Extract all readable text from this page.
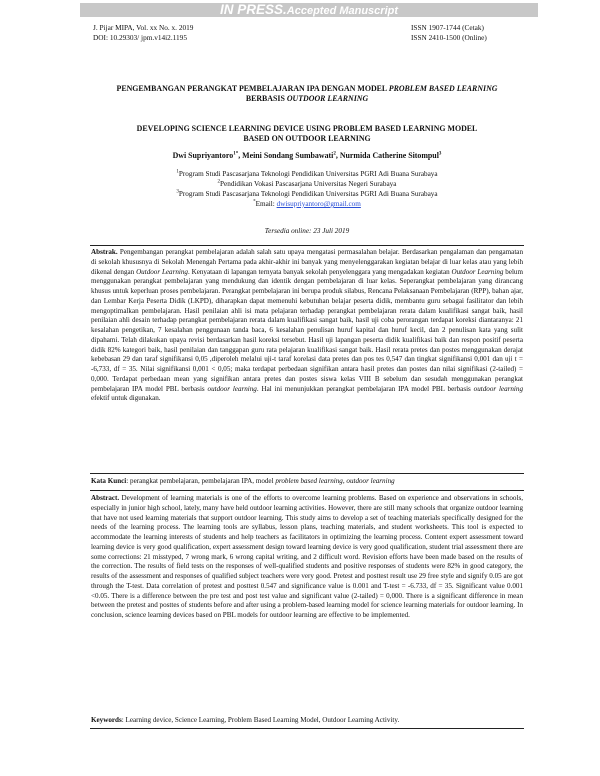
IN PRESS.Accepted Manuscript
J. Pijar MIPA, Vol. xx No. x. 2019	ISSN 1907-1744 (Cetak)
DOI: 10.29303/ jpm.v14i2.1195	ISSN 2410-1500 (Online)
PENGEMBANGAN PERANGKAT PEMBELAJARAN IPA DENGAN MODEL PROBLEM BASED LEARNING
BERBASIS OUTDOOR LEARNING
DEVELOPING SCIENCE LEARNING DEVICE USING PROBLEM BASED LEARNING MODEL
BASED ON OUTDOOR LEARNING
Dwi Supriyantoro$^{1*}$, Meini Sondang Sumbawati$^2$, Nurmida Catherine Sitompul$^3$
$^1$Program Studi Pascasarjana Teknologi Pendidikan Universitas PGRI Adi Buana Surabaya
$^2$Pendidikan Vokasi Pascasarjana Universitas Negeri Surabaya
$^3$Program Studi Pascasarjana Teknologi Pendidikan Universitas PGRI Adi Buana Surabaya
*Email: dwisupriyantoro@gmail.com
Tersedia online: 23 Juli 2019
Abstrak. Pengembangan perangkat pembelajaran adalah salah satu upaya mengatasi permasalahan belajar. Berdasarkan pengalaman dan pengamatan di sekolah khususnya di Sekolah Menengah Pertama pada akhir-akhir ini banyak yang menyelenggarakan kegiatan belajar di luar kelas atau yang lebih dikenal dengan Outdoor Learning. Kenyataan di lapangan ternyata banyak sekolah penyelenggara yang mengadakan kegiatan Outdoor Learning belum menggunakan perangkat pembelajaran yang mendukung dan identik dengan pembelajaran di luar kelas. Seperangkat pembelajaran yang dirancang khusus untuk keperluan proses pembelajaran. Perangkat pembelajaran ini berupa produk silabus, Rencana Pelaksanaan Pembelajaran (RPP), bahan ajar, dan Lembar Kerja Peserta Didik (LKPD), diharapkan dapat memenuhi kebutuhan belajar peserta didik, membantu guru sebagai fasilitator dan lebih mengoptimalkan pembelajaran. Hasil penilaian ahli isi mata pelajaran terhadap perangkat pembelajaran rerata dalam kualifikasi sangat baik, hasil penilaian ahli desain terhadap perangkat pembelajaran rerata dalam kualifikasi sangat baik, hasil uji coba perorangan terdapat koreksi diantaranya: 21 kesalahan pengetikan, 7 kesalahan penggunaan tanda baca, 6 kesalahan penulisan huruf kapital dan huruf kecil, dan 2 penulisan kata yang sulit dipahami. Telah dilakukan upaya revisi berdasarkan hasil koreksi tersebut. Hasil uji lapangan peserta didik kualifikasi baik dan respon positif peserta didik 82% kategori baik, hasil penilaian dan tanggapan guru rata pelajaran kualifikasi sangat baik. Hasil rerata pretes dan postes menggunakan derajat kebebasan 29 dan taraf signifikansi 0,05 ,diperoleh melalui uji-t taraf korelasi data pretes dan pos tes 0,547 dan tingkat signifikansi 0,001 dan uji t = -6,733, df = 35. Nilai signifikansi 0,001 < 0,05; maka terdapat perbedaan signifikan antara hasil pretes dan postes dan nilai signifikasi (2-tailed) = 0,000. Terdapat perbedaan mean yang signifikan antara pretes dan postes siswa kelas VIII B sebelum dan sesudah menggunakan perangkat pembelajaran IPA model PBL berbasis outdoor learning. Hal ini menunjukkan perangkat pembelajaran IPA model PBL berbasis outdoor learning efektif untuk digunakan.
Kata Kunci: perangkat pembelajaran, pembelajaran IPA, model problem based learning, outdoor learning
Abstract. Development of learning materials is one of the efforts to overcome learning problems. Based on experience and observations in schools, especially in junior high school, lately, many have held outdoor learning activities. However, there are still many schools that organize outdoor learning that have not used learning materials that support outdoor learning. This study aims to develop a set of teaching materials specifically designed for the needs of the learning process. The learning tools are syllabus, lesson plans, teaching materials, and student worksheets. This tool is expected to accommodate the learning interests of students and help teachers as facilitators in optimizing the learning process. Content expert assessment toward learning device is very good qualification, expert assessment design toward learning device is very good qualification, student trial assessment there are some corrections: 21 misstyped, 7 wrong mark, 6 wrong capital writing, and 2 difficult word. Revision efforts have been made based on the results of the correction. The results of field tests on the responses of well-qualified students and positive responses of students were 82% in good category, the results of the assessment and responses of qualified subject teachers were very good. Pretest and posttest result use 29 free style and signify 0.05 are got through the T-test. Data correlation of pretest and posttest 0.547 and significance value is 0.001 and T-test = -6.733, df = 35. Significant value 0.001 <0.05. There is a difference between the pre test and post test value and significant value (2-tailed) = 0,000. There is a significant difference in mean between the pretest and posttes of students before and after using a problem-based learning model for science learning materials for outdoor learning. In conclusion, science learning devices based on PBL models for outdoor learning are effective to be implemented.
Keywords: Learning device, Science Learning, Problem Based Learning Model, Outdoor Learning Activity.
